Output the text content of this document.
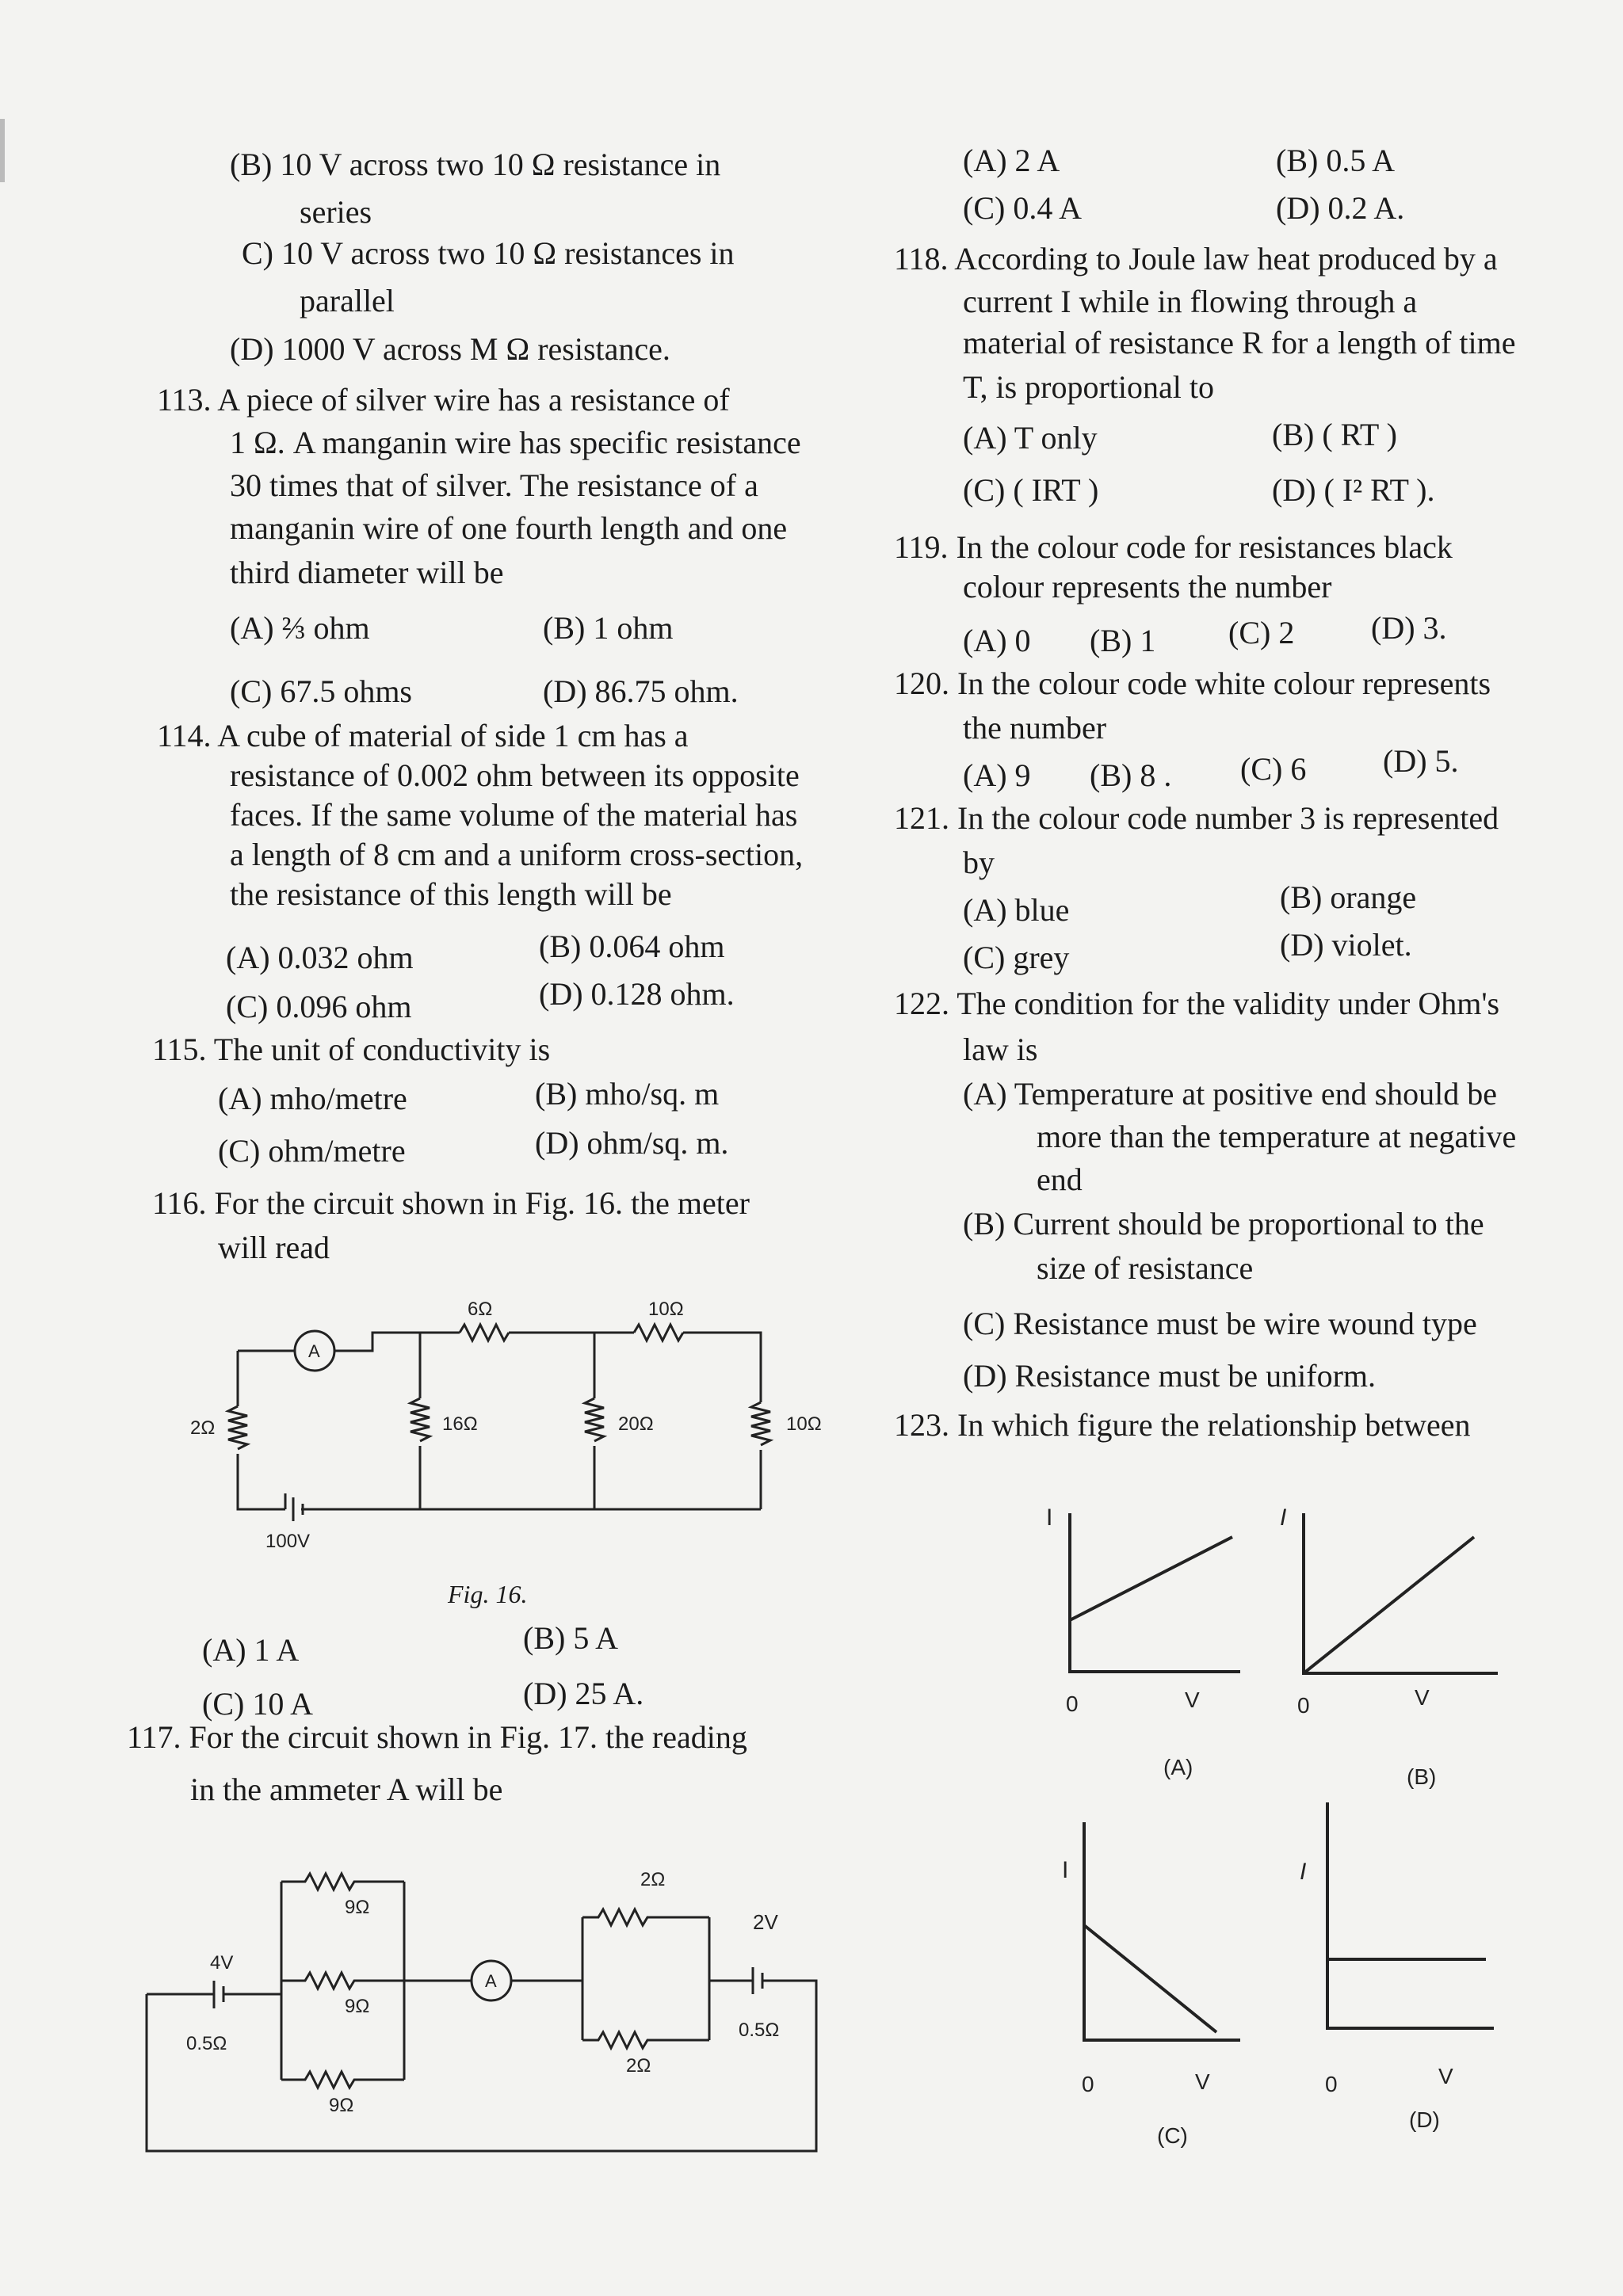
(B) 10 V across two 10 Ω resistance in
series
C) 10 V across two 10 Ω resistances in
parallel
(D) 1000 V across M Ω resistance.
113. A piece of silver wire has a resistance of
1 Ω. A manganin wire has specific resistance
30 times that of silver. The resistance of a
manganin wire of one fourth length and one
third diameter will be
(A) ⅔ ohm	(B) 1 ohm
(C) 67.5 ohms	(D) 86.75 ohm.
114. A cube of material of side 1 cm has a
resistance of 0.002 ohm between its opposite
faces. If the same volume of the material has
a length of 8 cm and a uniform cross-section,
the resistance of this length will be
(A) 0.032 ohm	(B) 0.064 ohm
(C) 0.096 ohm	(D) 0.128 ohm.
115. The unit of conductivity is
(A) mho/metre	(B) mho/sq. m
(C) ohm/metre	(D) ohm/sq. m.
116. For the circuit shown in Fig. 16. the meter
will read
A
6Ω	10Ω
2Ω	16Ω	20Ω	10Ω
100V
Fig. 16.
(A) 1 A	(B) 5 A
(C) 10 A	(D) 25 A.
117. For the circuit shown in Fig. 17. the reading
in the ammeter A will be
A
4V
0.5Ω
9Ω
9Ω
9Ω
2Ω
2Ω
2V
0.5Ω
(A) 2 A	(B) 0.5 A
(C) 0.4 A	(D) 0.2 A.
118. According to Joule law heat produced by a
current I while in flowing through a
material of resistance R for a length of time
T, is proportional to
(A) T only	(B) ( RT )
(C) ( IRT )	(D) ( I² RT ).
119. In the colour code for resistances black
colour represents the number
(A) 0 (B) 1 (C) 2 (D) 3.
120. In the colour code white colour represents
the number
(A) 9 (B) 8 . (C) 6 (D) 5.
121. In the colour code number 3 is represented
by
(A) blue	(B) orange
(C) grey	(D) violet.
122. The condition for the validity under Ohm's
law is
(A) Temperature at positive end should be
more than the temperature at negative
end
(B) Current should be proportional to the
size of resistance
(C) Resistance must be wire wound type
(D) Resistance must be uniform.
123. In which figure the relationship between
I
0	V
(A)
I
0	V
(B)
I
0	V
(C)
I
0	V
(D)
